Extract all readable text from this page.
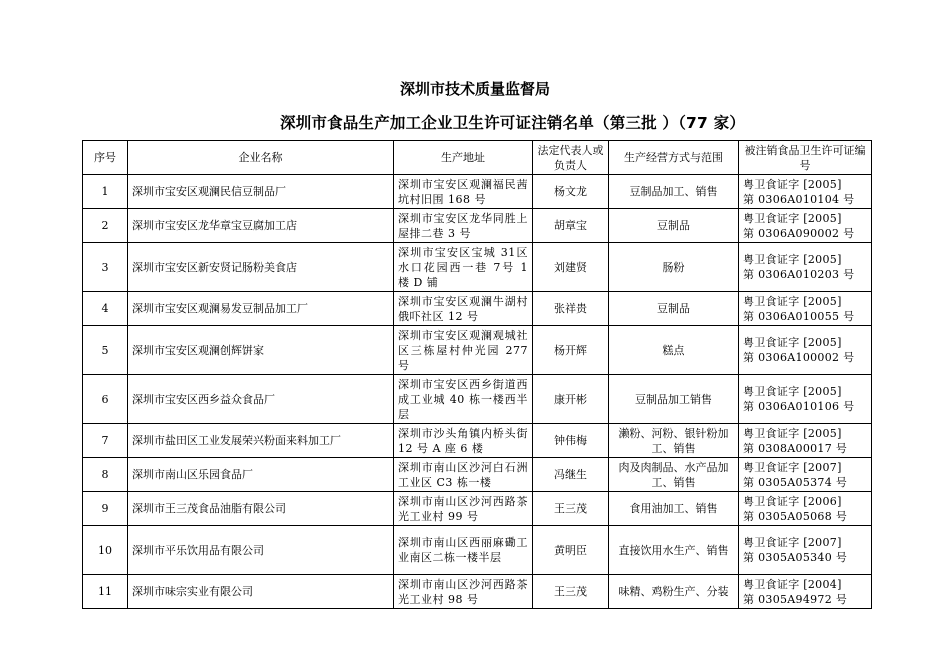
深圳市技术质量监督局
深圳市食品生产加工企业卫生许可证注销名单（第三批 ）（77 家）
序号	企业名称	生产地址	法定代表人或负责人	生产经营方式与范围	被注销食品卫生许可证编号
1	深圳市宝安区观澜民信豆制品厂	深圳市宝安区观澜福民茜坑村旧围 168 号	杨文龙	豆制品加工、销售	粤卫食证字 [2005]
第 0306A010104 号

2	深圳市宝安区龙华章宝豆腐加工店	深圳市宝安区龙华同胜上屋排二巷 3 号	胡章宝	豆制品	粤卫食证字 [2005]
第 0306A090002 号

3	深圳市宝安区新安贤记肠粉美食店	深圳市宝安区宝城 31区水口花园西一巷 7号 1 楼 D 铺	刘建贤	肠粉	粤卫食证字 [2005]
第 0306A010203 号

4	深圳市宝安区观澜易发豆制品加工厂	深圳市宝安区观澜牛湖村俄吓社区 12 号	张祥贵	豆制品	粤卫食证字 [2005]
第 0306A010055 号

5	深圳市宝安区观澜创辉饼家	深圳市宝安区观澜观城社区三栋屋村仲光园 277 号	杨开辉	糕点	粤卫食证字 [2005]
第 0306A100002 号

6	深圳市宝安区西乡益众食品厂	深圳市宝安区西乡街道西成工业城 40 栋一楼西半层	康开彬	豆制品加工销售	粤卫食证字 [2005]
第 0306A010106 号

7	深圳市盐田区工业发展荣兴粉面来料加工厂	深圳市沙头角镇内桥头街 12 号 A 座 6 楼	钟伟梅	濑粉、河粉、银针粉加工、销售	粤卫食证字 [2005]
第 0308A00017 号

8	深圳市南山区乐园食品厂	深圳市南山区沙河白石洲工业区 C3 栋一楼	冯继生	肉及肉制品、水产品加工、销售	粤卫食证字 [2007]
第 0305A05374 号

9	深圳市王三茂食品油脂有限公司	深圳市南山区沙河西路茶光工业村 99 号	王三茂	食用油加工、销售	粤卫食证字 [2006]
第 0305A05068 号

10	深圳市平乐饮用品有限公司	深圳市南山区西丽麻磡工业南区二栋一楼半层	黄明臣	直接饮用水生产、销售	粤卫食证字 [2007]
第 0305A05340 号

11	深圳市味宗实业有限公司	深圳市南山区沙河西路茶光工业村 98 号	王三茂	味精、鸡粉生产、分装	粤卫食证字 [2004]
第 0305A94972 号
